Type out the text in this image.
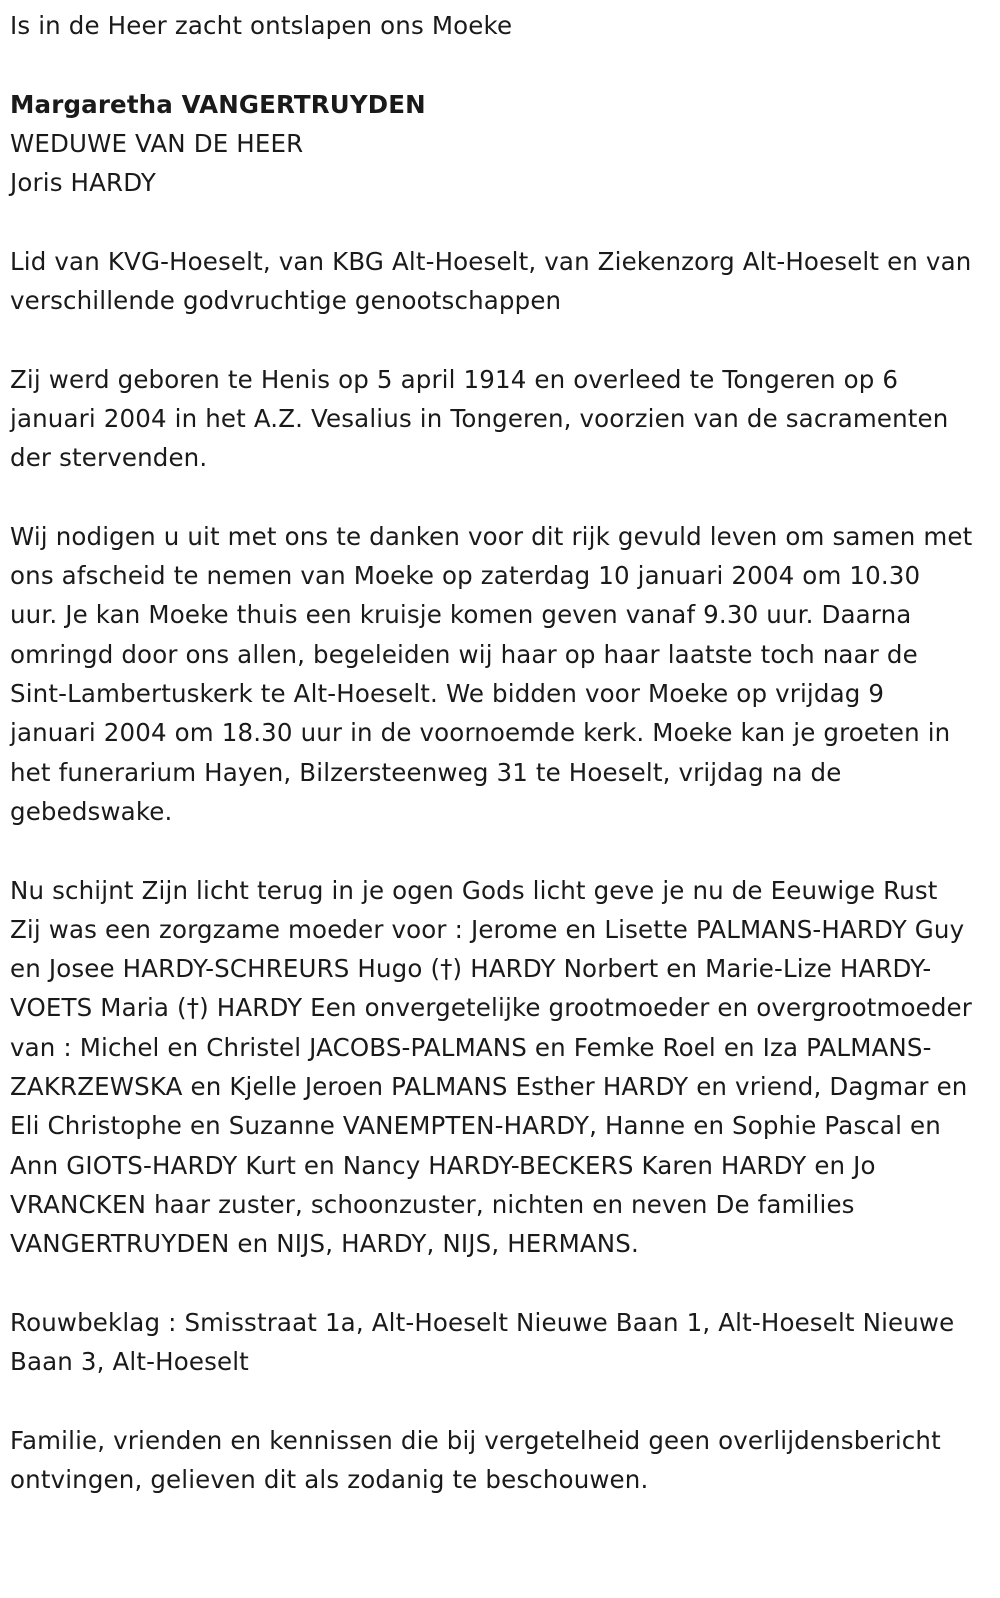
Is in de Heer zacht ontslapen ons Moeke

Margaretha VANGERTRUYDEN

WEDUWE VAN DE HEER

Joris HARDY

Lid van KVG-Hoeselt, van KBG Alt-Hoeselt, van Ziekenzorg Alt-Hoeselt en van verschillende godvruchtige genootschappen

Zij werd geboren te Henis op 5 april 1914 en overleed te Tongeren op 6 januari 2004 in het A.Z. Vesalius in Tongeren, voorzien van de sacramenten der stervenden.

Wij nodigen u uit met ons te danken voor dit rijk gevuld leven om samen met ons afscheid te nemen van Moeke op zaterdag 10 januari 2004 om 10.30 uur. Je kan Moeke thuis een kruisje komen geven vanaf 9.30 uur. Daarna omringd door ons allen, begeleiden wij haar op haar laatste toch naar de Sint-Lambertuskerk te Alt-Hoeselt. We bidden voor Moeke op vrijdag 9 januari 2004 om 18.30 uur in de voornoemde kerk. Moeke kan je groeten in het funerarium Hayen, Bilzersteenweg 31 te Hoeselt, vrijdag na de gebedswake.

Nu schijnt Zijn licht terug in je ogen Gods licht geve je nu de Eeuwige Rust Zij was een zorgzame moeder voor : Jerome en Lisette PALMANS-HARDY Guy en Josee HARDY-SCHREURS Hugo (†) HARDY Norbert en Marie-Lize HARDY-VOETS Maria (†) HARDY Een onvergetelijke grootmoeder en overgrootmoeder van : Michel en Christel JACOBS-PALMANS en Femke Roel en Iza PALMANS-ZAKRZEWSKA en Kjelle Jeroen PALMANS Esther HARDY en vriend, Dagmar en Eli Christophe en Suzanne VANEMPTEN-HARDY, Hanne en Sophie Pascal en Ann GIOTS-HARDY Kurt en Nancy HARDY-BECKERS Karen HARDY en Jo VRANCKEN haar zuster, schoonzuster, nichten en neven De families VANGERTRUYDEN en NIJS, HARDY, NIJS, HERMANS.

Rouwbeklag : Smisstraat 1a, Alt-Hoeselt Nieuwe Baan 1, Alt-Hoeselt Nieuwe Baan 3, Alt-Hoeselt

Familie, vrienden en kennissen die bij vergetelheid geen overlijdensbericht ontvingen, gelieven dit als zodanig te beschouwen.
